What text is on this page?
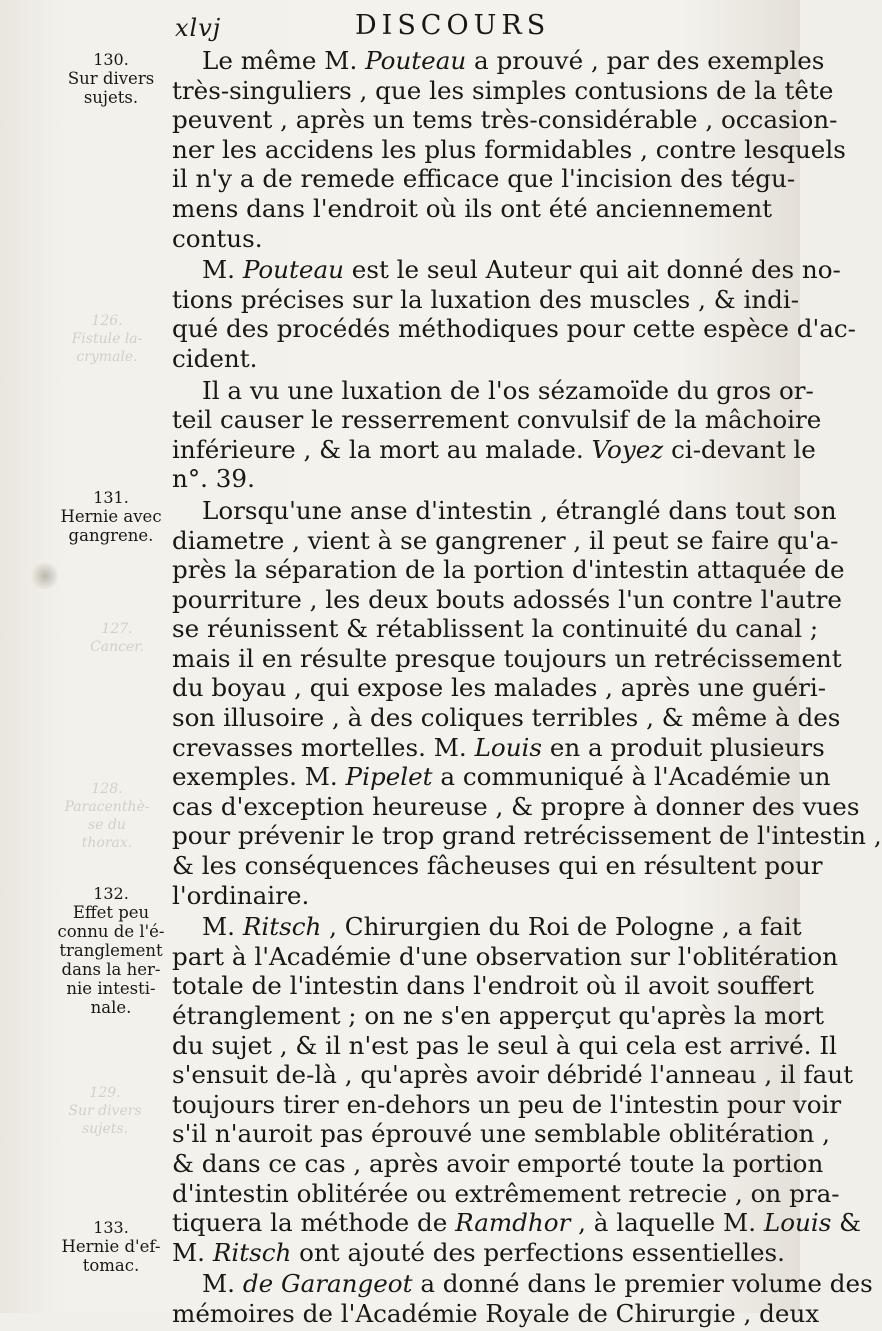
xlvj	DISCOURS
126.
Fistule la-
crymale.
127.
Cancer.
128.
Paracenthè-
se du thorax.
129.
Sur divers
sujets.
130.
Sur divers
sujets.
131.
Hernie avec
gangrene.
132.
Effet peu
connu de l'é-
tranglement
dans la her-
nie intesti-
nale.
133.
Hernie d'ef-
tomac.

Le même M. Pouteau a prouvé , par des exemples
très-singuliers , que les simples contusions de la tête
peuvent , après un tems très-considérable , occasion-
ner les accidens les plus formidables , contre lesquels
il n'y a de remede efficace que l'incision des tégu-
mens dans l'endroit où ils ont été anciennement
contus.

M. Pouteau est le seul Auteur qui ait donné des no-
tions précises sur la luxation des muscles , & indi-
qué des procédés méthodiques pour cette espèce d'ac-
cident.

Il a vu une luxation de l'os sézamoïde du gros or-
teil causer le resserrement convulsif de la mâchoire
inférieure , & la mort au malade. Voyez ci-devant le
n°. 39.

Lorsqu'une anse d'intestin , étranglé dans tout son
diametre , vient à se gangrener , il peut se faire qu'a-
près la séparation de la portion d'intestin attaquée de
pourriture , les deux bouts adossés l'un contre l'autre
se réunissent & rétablissent la continuité du canal ;
mais il en résulte presque toujours un retrécissement
du boyau , qui expose les malades , après une guéri-
son illusoire , à des coliques terribles , & même à des
crevasses mortelles. M. Louis en a produit plusieurs
exemples. M. Pipelet a communiqué à l'Académie un
cas d'exception heureuse , & propre à donner des vues
pour prévenir le trop grand retrécissement de l'intestin ,
& les conséquences fâcheuses qui en résultent pour
l'ordinaire.

M. Ritsch , Chirurgien du Roi de Pologne , a fait
part à l'Académie d'une observation sur l'oblitération
totale de l'intestin dans l'endroit où il avoit souffert
étranglement ; on ne s'en apperçut qu'après la mort
du sujet , & il n'est pas le seul à qui cela est arrivé. Il
s'ensuit de-là , qu'après avoir débridé l'anneau , il faut
toujours tirer en-dehors un peu de l'intestin pour voir
s'il n'auroit pas éprouvé une semblable oblitération ,
& dans ce cas , après avoir emporté toute la portion
d'intestin oblitérée ou extrêmement retrecie , on pra-
tiquera la méthode de Ramdhor , à laquelle M. Louis &
M. Ritsch ont ajouté des perfections essentielles.

M. de Garangeot a donné dans le premier volume des
mémoires de l'Académie Royale de Chirurgie , deux
